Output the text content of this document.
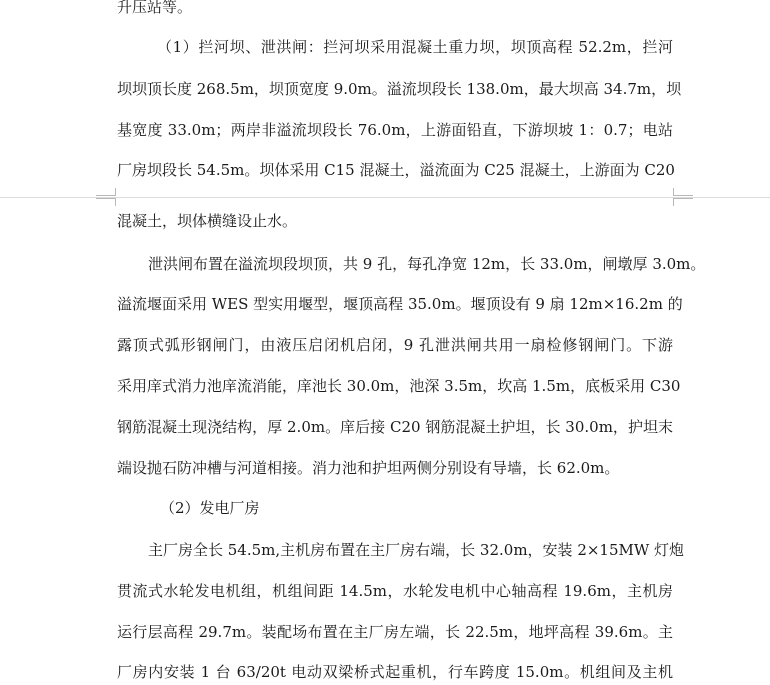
升压站等。
（1）拦河坝、泄洪闸：拦河坝采用混凝土重力坝，坝顶高程 52.2m，拦河
坝坝顶长度 268.5m，坝顶宽度 9.0m。溢流坝段长 138.0m，最大坝高 34.7m，坝
基宽度 33.0m；两岸非溢流坝段长 76.0m，上游面铅直，下游坝坡 1：0.7；电站
厂房坝段长 54.5m。坝体采用 C15 混凝土，溢流面为 C25 混凝土，上游面为 C20
混凝土，坝体横缝设止水。
泄洪闸布置在溢流坝段坝顶，共 9 孔，每孔净宽 12m，长 33.0m，闸墩厚 3.0m。
溢流堰面采用 WES 型实用堰型，堰顶高程 35.0m。堰顶设有 9 扇 12m×16.2m 的
露顶式弧形钢闸门，由液压启闭机启闭，9 孔泄洪闸共用一扇检修钢闸门。下游
采用庠式消力池庠流消能，庠池长 30.0m，池深 3.5m，坎高 1.5m，底板采用 C30
钢筋混凝土现浇结构，厚 2.0m。庠后接 C20 钢筋混凝土护坦，长 30.0m，护坦末
端设抛石防冲槽与河道相接。消力池和护坦两侧分别设有导墙，长 62.0m。
（2）发电厂房
主厂房全长 54.5m,主机房布置在主厂房右端，长 32.0m，安装 2×15MW 灯炮
贯流式水轮发电机组，机组间距 14.5m，水轮发电机中心轴高程 19.6m，主机房
运行层高程 29.7m。装配场布置在主厂房左端，长 22.5m，地坪高程 39.6m。主
厂房内安装 1 台 63/20t 电动双梁桥式起重机，行车跨度 15.0m。机组间及主机
